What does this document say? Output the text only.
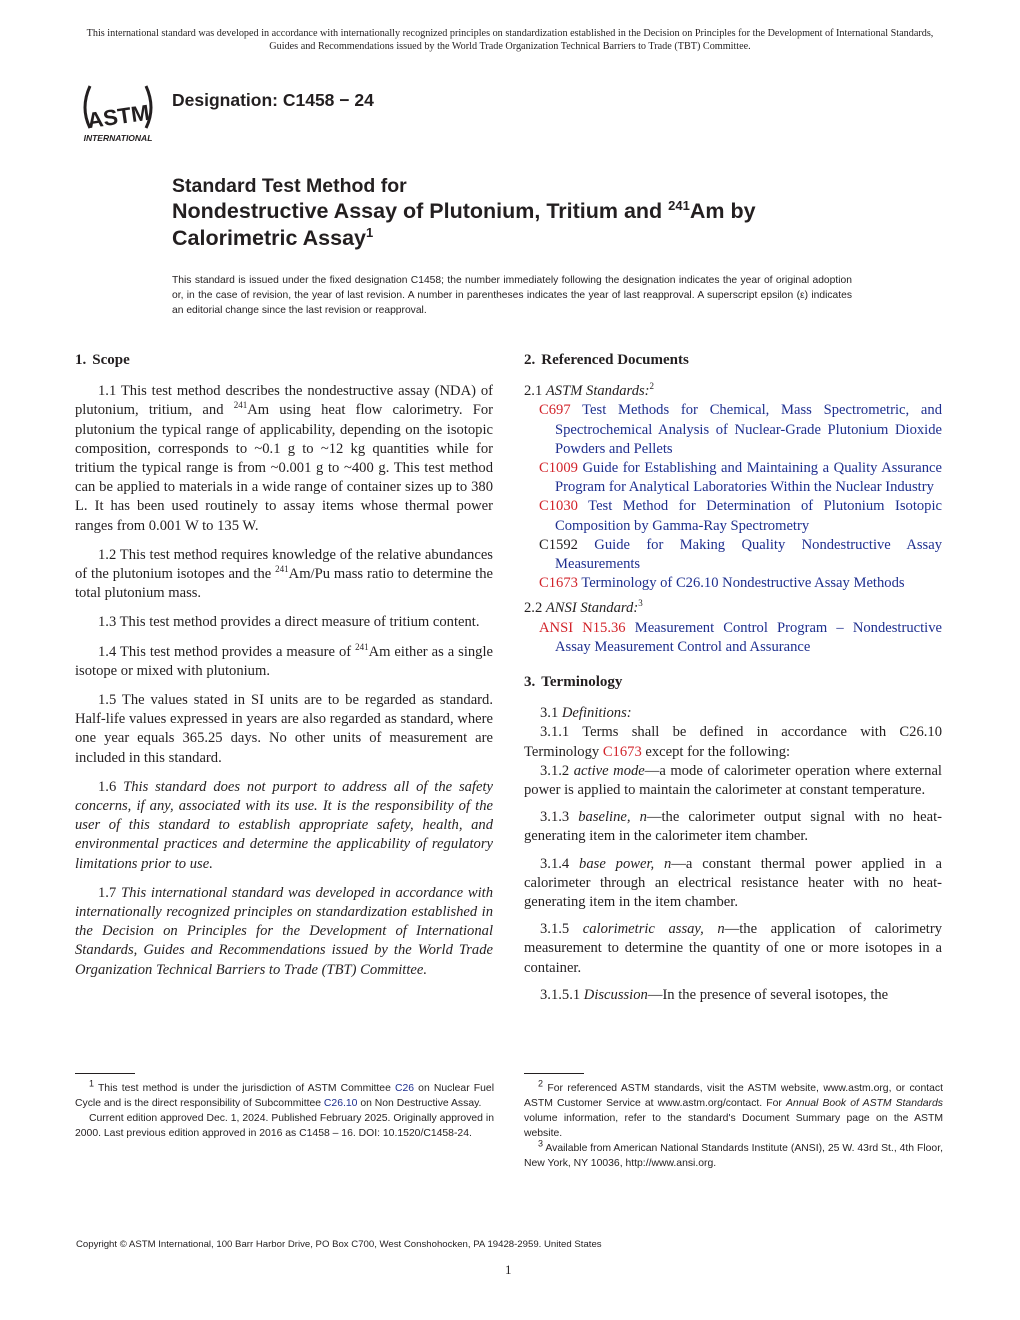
This international standard was developed in accordance with internationally recognized principles on standardization established in the Decision on Principles for the Development of International Standards, Guides and Recommendations issued by the World Trade Organization Technical Barriers to Trade (TBT) Committee.
ASTM
INTERNATIONAL
Designation: C1458 − 24
Standard Test Method for
Nondestructive Assay of Plutonium, Tritium and $^{241}$Am by
Calorimetric Assay$^1$
This standard is issued under the fixed designation C1458; the number immediately following the designation indicates the year of original adoption or, in the case of revision, the year of last revision. A number in parentheses indicates the year of last reapproval. A superscript epsilon (ε) indicates an editorial change since the last revision or reapproval.
1. Scope

1.1 This test method describes the nondestructive assay (NDA) of plutonium, tritium, and $^{241}$Am using heat flow calorimetry. For plutonium the typical range of applicability, depending on the isotopic composition, corresponds to ~0.1 g to ~12 kg quantities while for tritium the typical range is from ~0.001 g to ~400 g. This test method can be applied to materials in a wide range of container sizes up to 380 L. It has been used routinely to assay items whose thermal power ranges from 0.001 W to 135 W.

1.2 This test method requires knowledge of the relative abundances of the plutonium isotopes and the $^{241}$Am/Pu mass ratio to determine the total plutonium mass.

1.3 This test method provides a direct measure of tritium content.

1.4 This test method provides a measure of $^{241}$Am either as a single isotope or mixed with plutonium.

1.5 The values stated in SI units are to be regarded as standard. Half-life values expressed in years are also regarded as standard, where one year equals 365.25 days. No other units of measurement are included in this standard.

1.6 This standard does not purport to address all of the safety concerns, if any, associated with its use. It is the responsibility of the user of this standard to establish appropriate safety, health, and environmental practices and determine the applicability of regulatory limitations prior to use.

1.7 This international standard was developed in accordance with internationally recognized principles on standardization established in the Decision on Principles for the Development of International Standards, Guides and Recommendations issued by the World Trade Organization Technical Barriers to Trade (TBT) Committee.

2. Referenced Documents

2.1 ASTM Standards:$^2$

C697 Test Methods for Chemical, Mass Spectrometric, and Spectrochemical Analysis of Nuclear-Grade Plutonium Dioxide Powders and Pellets

C1009 Guide for Establishing and Maintaining a Quality Assurance Program for Analytical Laboratories Within the Nuclear Industry

C1030 Test Method for Determination of Plutonium Isotopic Composition by Gamma-Ray Spectrometry

C1592 Guide for Making Quality Nondestructive Assay Measurements

C1673 Terminology of C26.10 Nondestructive Assay Methods

2.2 ANSI Standard:$^3$

ANSI N15.36 Measurement Control Program – Nondestructive Assay Measurement Control and Assurance

3. Terminology

3.1 Definitions:

3.1.1 Terms shall be defined in accordance with C26.10 Terminology C1673 except for the following:

3.1.2 active mode—a mode of calorimeter operation where external power is applied to maintain the calorimeter at constant temperature.

3.1.3 baseline, n—the calorimeter output signal with no heat-generating item in the calorimeter item chamber.

3.1.4 base power, n—a constant thermal power applied in a calorimeter through an electrical resistance heater with no heat-generating item in the item chamber.

3.1.5 calorimetric assay, n—the application of calorimetry measurement to determine the quantity of one or more isotopes in a container.

3.1.5.1 Discussion—In the presence of several isotopes, the

$^1$ This test method is under the jurisdiction of ASTM Committee C26 on Nuclear Fuel Cycle and is the direct responsibility of Subcommittee C26.10 on Non Destructive Assay.

Current edition approved Dec. 1, 2024. Published February 2025. Originally approved in 2000. Last previous edition approved in 2016 as C1458 – 16. DOI: 10.1520/C1458-24.

$^2$ For referenced ASTM standards, visit the ASTM website, www.astm.org, or contact ASTM Customer Service at www.astm.org/contact. For Annual Book of ASTM Standards volume information, refer to the standard's Document Summary page on the ASTM website.

$^3$ Available from American National Standards Institute (ANSI), 25 W. 43rd St., 4th Floor, New York, NY 10036, http://www.ansi.org.

Copyright © ASTM International, 100 Barr Harbor Drive, PO Box C700, West Conshohocken, PA 19428-2959. United States
1
